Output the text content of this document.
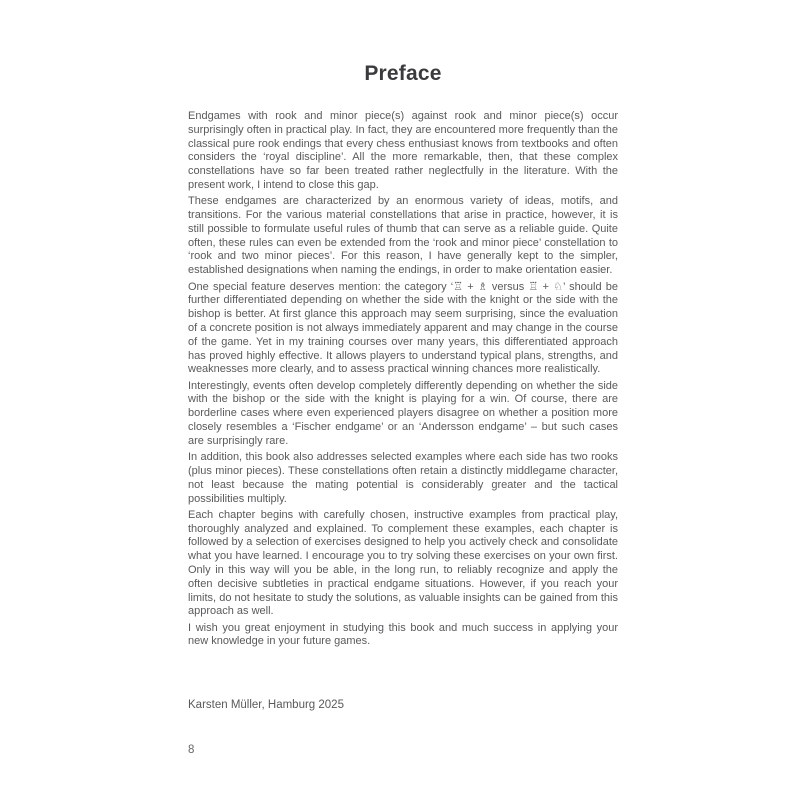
Preface

Endgames with rook and minor piece(s) against rook and minor piece(s) occur surprisingly often in practical play. In fact, they are encountered more frequently than the classical pure rook endings that every chess enthusiast knows from textbooks and often considers the ‘royal discipline’. All the more remarkable, then, that these complex constellations have so far been treated rather neglectfully in the literature. With the present work, I intend to close this gap.

These endgames are characterized by an enormous variety of ideas, motifs, and transitions. For the various material constellations that arise in practice, however, it is still possible to formulate useful rules of thumb that can serve as a reliable guide. Quite often, these rules can even be extended from the ‘rook and minor piece’ constellation to ‘rook and two minor pieces’. For this reason, I have generally kept to the simpler, established designations when naming the endings, in order to make orientation easier.

One special feature deserves mention: the category ‘♖ + ♗ versus ♖ + ♘’ should be further differentiated depending on whether the side with the knight or the side with the bishop is better. At first glance this approach may seem surprising, since the evaluation of a concrete position is not always immediately apparent and may change in the course of the game. Yet in my training courses over many years, this differentiated approach has proved highly effective. It allows players to understand typical plans, strengths, and weaknesses more clearly, and to assess practical winning chances more realistically.

Interestingly, events often develop completely differently depending on whether the side with the bishop or the side with the knight is playing for a win. Of course, there are borderline cases where even experienced players disagree on whether a position more closely resembles a ‘Fischer endgame’ or an ‘Andersson endgame’ – but such cases are surprisingly rare.

In addition, this book also addresses selected examples where each side has two rooks (plus minor pieces). These constellations often retain a distinctly middlegame character, not least because the mating potential is considerably greater and the tactical possibilities multiply.

Each chapter begins with carefully chosen, instructive examples from practical play, thoroughly analyzed and explained. To complement these examples, each chapter is followed by a selection of exercises designed to help you actively check and consolidate what you have learned. I encourage you to try solving these exercises on your own first. Only in this way will you be able, in the long run, to reliably recognize and apply the often decisive subtleties in practical endgame situations. However, if you reach your limits, do not hesitate to study the solutions, as valuable insights can be gained from this approach as well.

I wish you great enjoyment in studying this book and much success in applying your new knowledge in your future games.

Karsten Müller, Hamburg 2025
8
